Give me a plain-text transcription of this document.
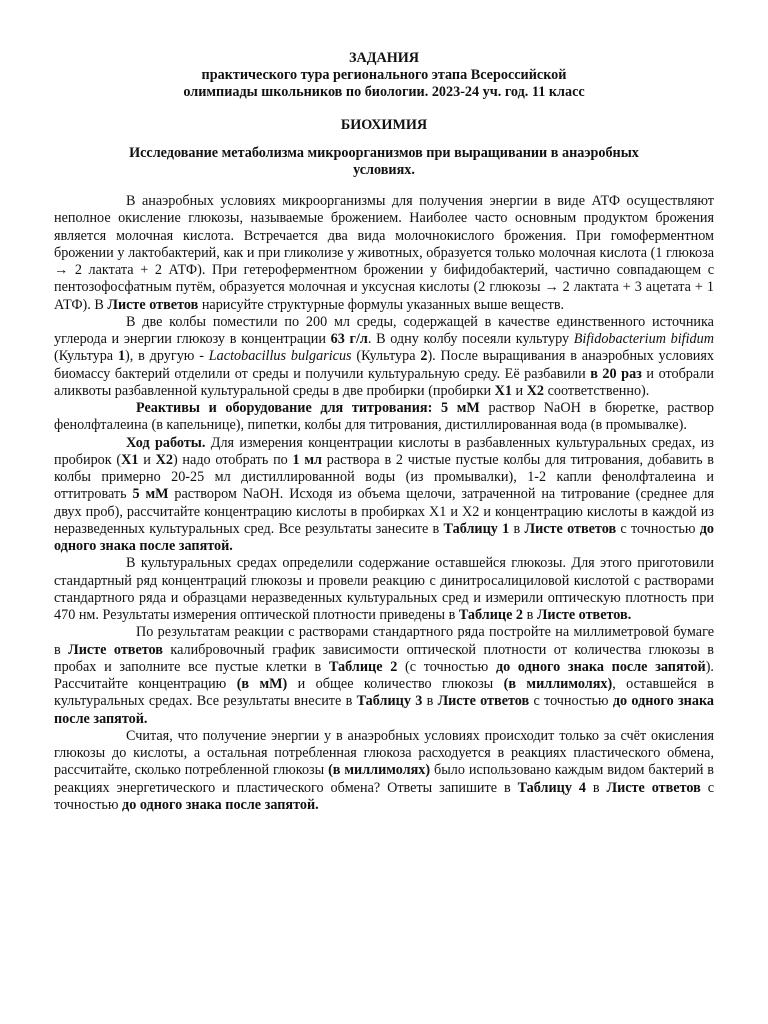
ЗАДАНИЯ
практического тура регионального этапа Всероссийской
олимпиады школьников по биологии. 2023-24 уч. год. 11 класс
БИОХИМИЯ
Исследование метаболизма микроорганизмов при выращивании в анаэробных условиях.

В анаэробных условиях микроорганизмы для получения энергии в виде АТФ осуществляют неполное окисление глюкозы, называемые брожением. Наиболее часто основным продуктом брожения является молочная кислота. Встречается два вида молочнокислого брожения. При гомоферментном брожении у лактобактерий, как и при гликолизе у животных, образуется только молочная кислота (1 глюкоза → 2 лактата + 2 АТФ). При гетероферментном брожении у бифидобактерий, частично совпадающем с пентозофосфатным путём, образуется молочная и уксусная кислоты (2 глюкозы → 2 лактата + 3 ацетата + 1 АТФ). В Листе ответов нарисуйте структурные формулы указанных выше веществ.

В две колбы поместили по 200 мл среды, содержащей в качестве единственного источника углерода и энергии глюкозу в концентрации 63 г/л. В одну колбу посеяли культуру Bifidobacterium bifidum (Культура 1), в другую - Lactobacillus bulgaricus (Культура 2). После выращивания в анаэробных условиях биомассу бактерий отделили от среды и получили культуральную среду. Её разбавили в 20 раз и отобрали аликвоты разбавленной культуральной среды в две пробирки (пробирки X1 и X2 соответственно).

Реактивы и оборудование для титрования: 5 мМ раствор NaOH в бюретке, раствор фенолфталеина (в капельнице), пипетки, колбы для титрования, дистиллированная вода (в промывалке).

Ход работы. Для измерения концентрации кислоты в разбавленных культуральных средах, из пробирок (X1 и X2) надо отобрать по 1 мл раствора в 2 чистые пустые колбы для титрования, добавить в колбы примерно 20-25 мл дистиллированной воды (из промывалки), 1-2 капли фенолфталеина и оттитровать 5 мМ раствором NaOH. Исходя из объема щелочи, затраченной на титрование (среднее для двух проб), рассчитайте концентрацию кислоты в пробирках X1 и X2 и концентрацию кислоты в каждой из неразведенных культуральных сред. Все результаты занесите в Таблицу 1 в Листе ответов с точностью до одного знака после запятой.

В культуральных средах определили содержание оставшейся глюкозы. Для этого приготовили стандартный ряд концентраций глюкозы и провели реакцию с динитросалициловой кислотой с растворами стандартного ряда и образцами неразведенных культуральных сред и измерили оптическую плотность при 470 нм. Результаты измерения оптической плотности приведены в Таблице 2 в Листе ответов.

По результатам реакции с растворами стандартного ряда постройте на миллиметровой бумаге в Листе ответов калибровочный график зависимости оптической плотности от количества глюкозы в пробах и заполните все пустые клетки в Таблице 2 (с точностью до одного знака после запятой). Рассчитайте концентрацию (в мМ) и общее количество глюкозы (в миллимолях), оставшейся в культуральных средах. Все результаты внесите в Таблицу 3 в Листе ответов с точностью до одного знака после запятой.

Считая, что получение энергии у в анаэробных условиях происходит только за счёт окисления глюкозы до кислоты, а остальная потребленная глюкоза расходуется в реакциях пластического обмена, рассчитайте, сколько потребленной глюкозы (в миллимолях) было использовано каждым видом бактерий в реакциях энергетического и пластического обмена? Ответы запишите в Таблицу 4 в Листе ответов с точностью до одного знака после запятой.
